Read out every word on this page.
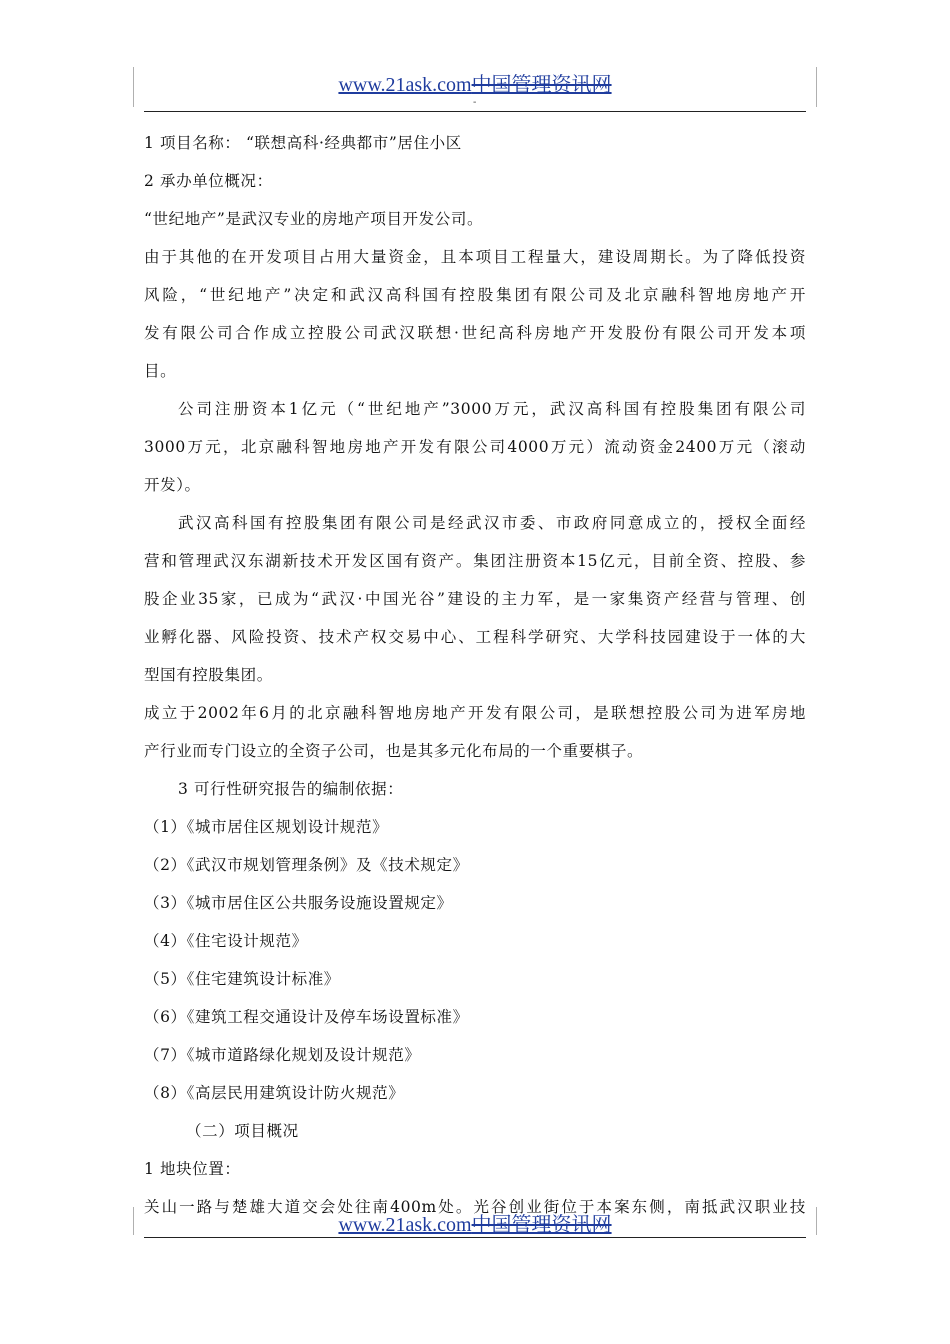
www.21ask.com中国管理资讯网
-
1 项目名称： “联想高科·经典都市”居住小区
2 承办单位概况：
“世纪地产”是武汉专业的房地产项目开发公司。
由于其他的在开发项目占用大量资金，且本项目工程量大，建设周期长。为了降低投资
风险，“世纪地产”决定和武汉高科国有控股集团有限公司及北京融科智地房地产开
发有限公司合作成立控股公司武汉联想·世纪高科房地产开发股份有限公司开发本项
目。
公司注册资本1亿元（“世纪地产”3000万元，武汉高科国有控股集团有限公司
3000万元，北京融科智地房地产开发有限公司4000万元）流动资金2400万元（滚动
开发）。
武汉高科国有控股集团有限公司是经武汉市委、市政府同意成立的，授权全面经
营和管理武汉东湖新技术开发区国有资产。集团注册资本15亿元，目前全资、控股、参
股企业35家，已成为“武汉·中国光谷”建设的主力军，是一家集资产经营与管理、创
业孵化器、风险投资、技术产权交易中心、工程科学研究、大学科技园建设于一体的大
型国有控股集团。
成立于2002年6月的北京融科智地房地产开发有限公司，是联想控股公司为进军房地
产行业而专门设立的全资子公司，也是其多元化布局的一个重要棋子。
3 可行性研究报告的编制依据：
（1）《城市居住区规划设计规范》
（2）《武汉市规划管理条例》及《技术规定》
（3）《城市居住区公共服务设施设置规定》
（4）《住宅设计规范》
（5）《住宅建筑设计标准》
（6）《建筑工程交通设计及停车场设置标准》
（7）《城市道路绿化规划及设计规范》
（8）《高层民用建筑设计防火规范》
（二）项目概况
1 地块位置：
关山一路与楚雄大道交会处往南400m处。光谷创业街位于本案东侧，南抵武汉职业技
www.21ask.com中国管理资讯网
